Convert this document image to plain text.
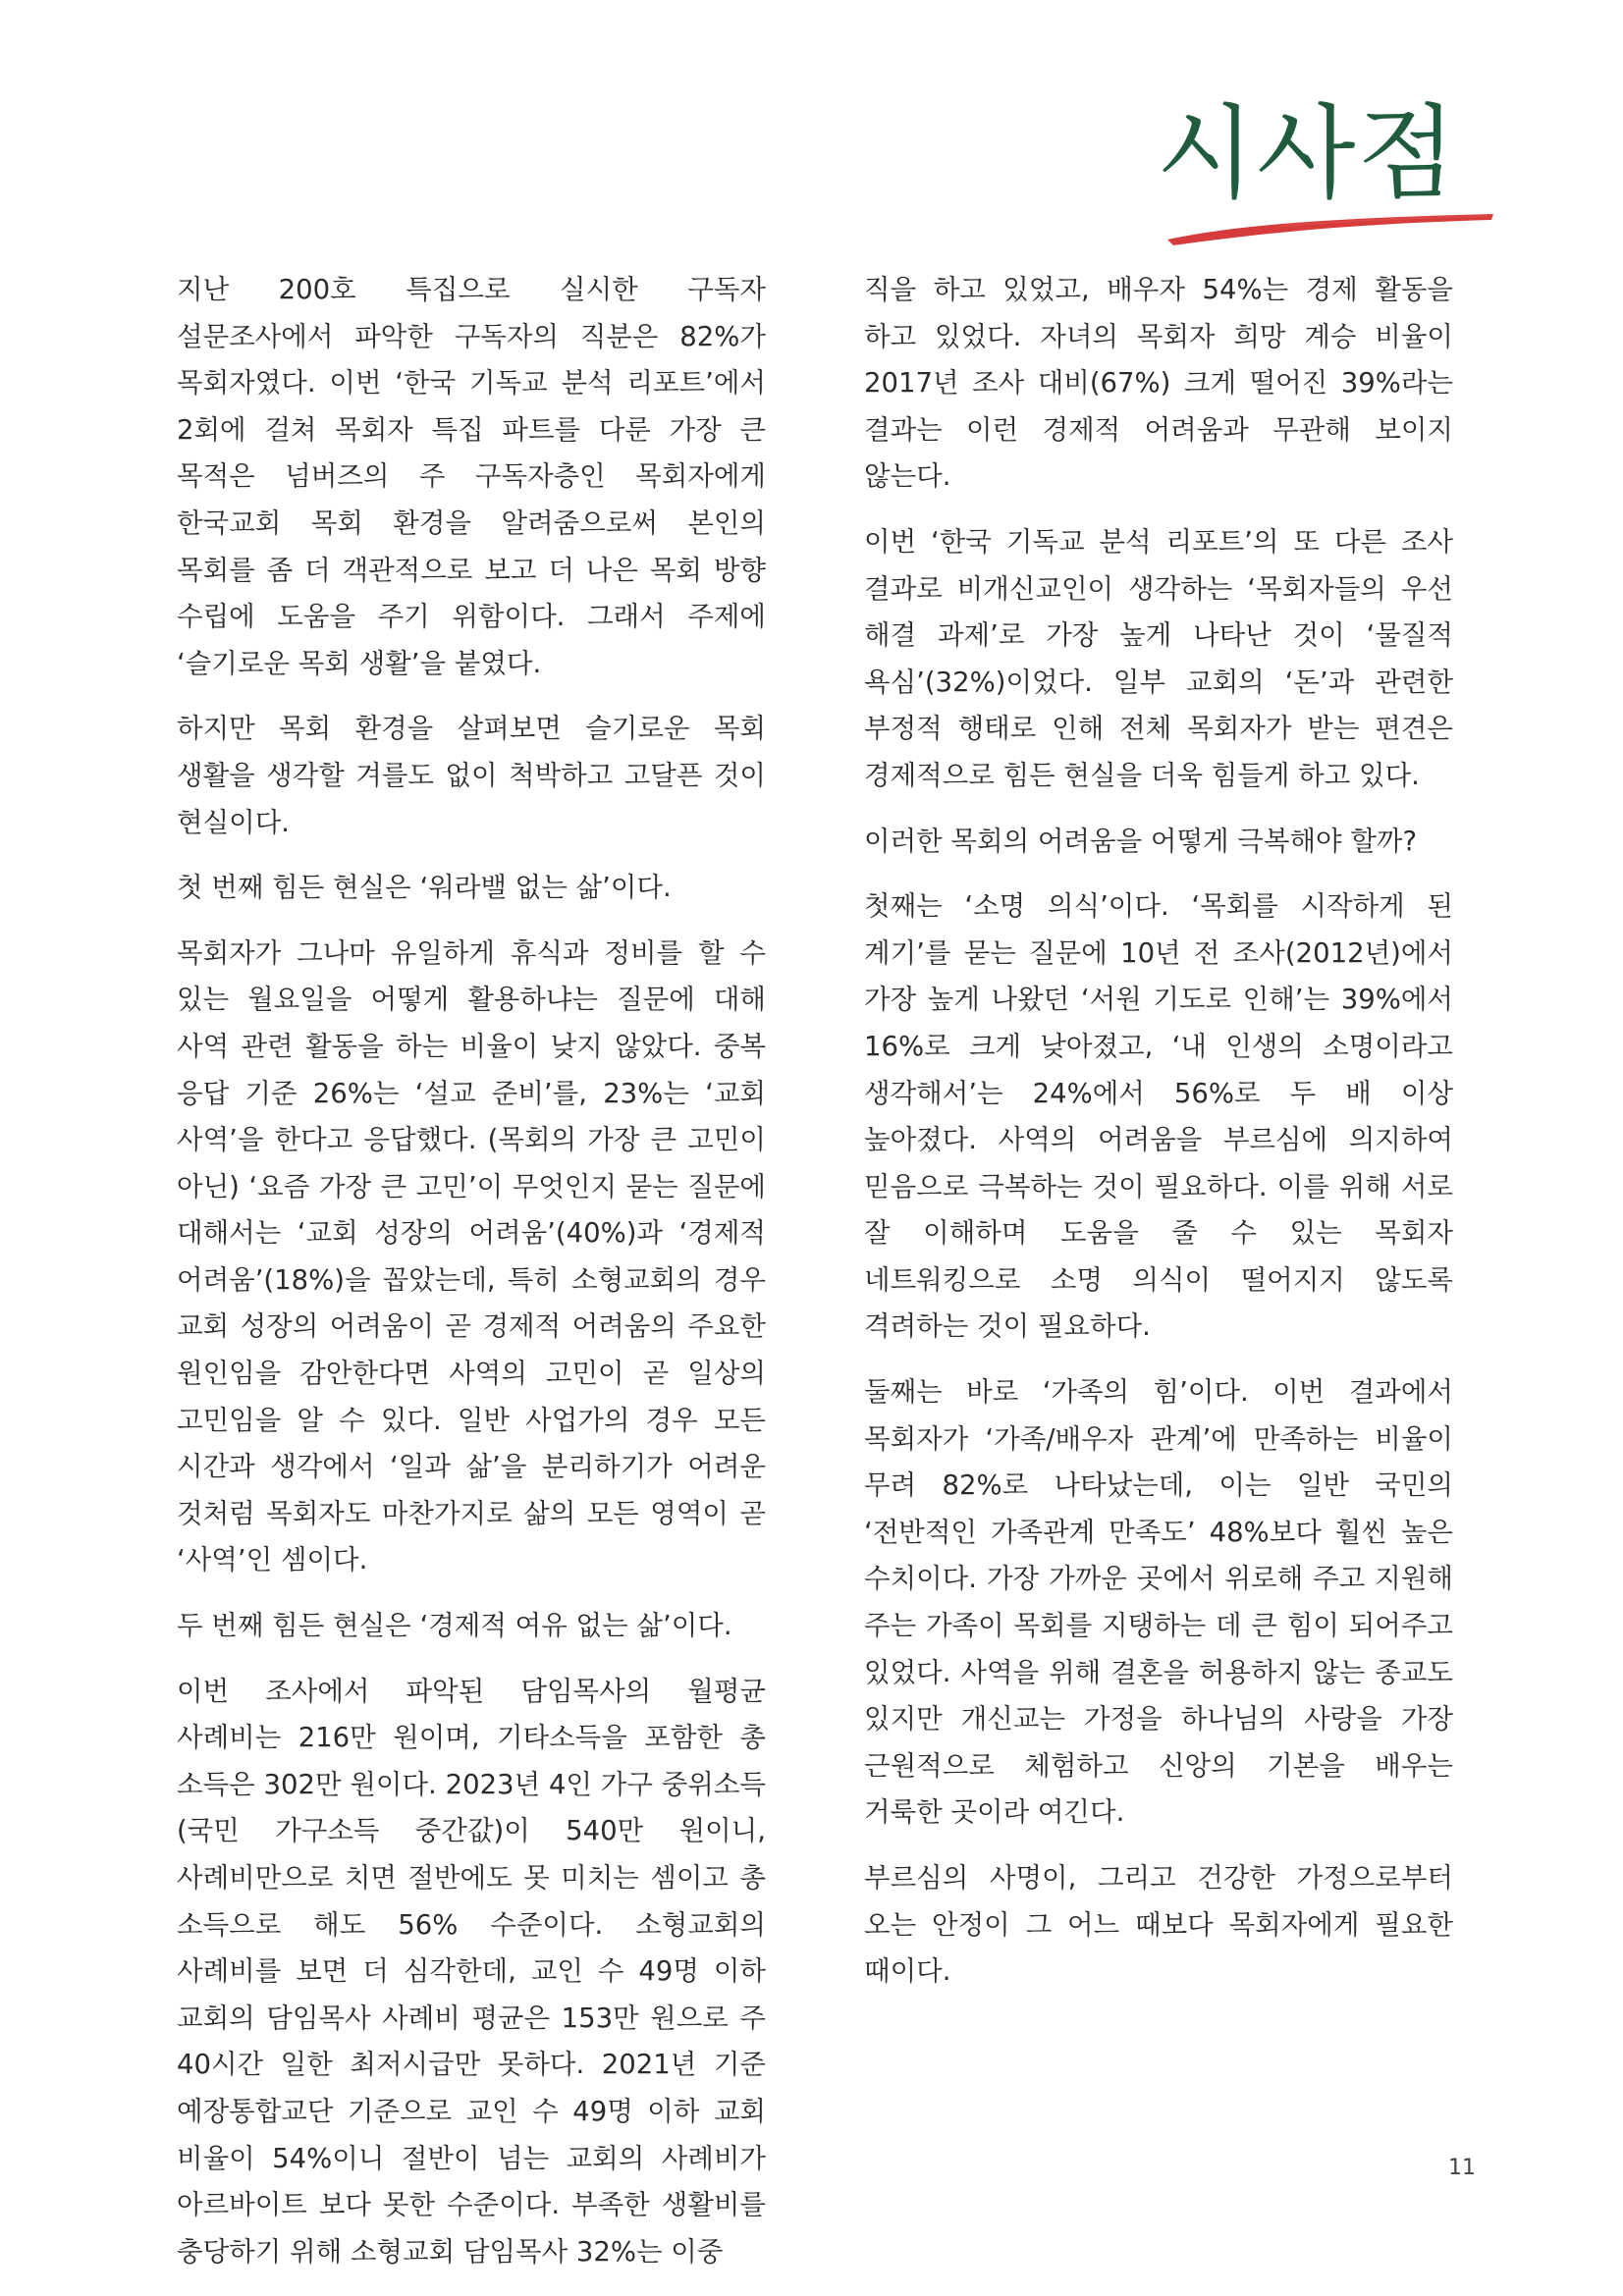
시사점

지난 200호 특집으로 실시한 구독자 설문조사에서 파악한 구독자의 직분은 82%가 목회자였다. 이번 ‘한국 기독교 분석 리포트’에서 2회에 걸쳐 목회자 특집 파트를 다룬 가장 큰 목적은 넘버즈의 주 구독자층인 목회자에게 한국교회 목회 환경을 알려줌으로써 본인의 목회를 좀 더 객관적으로 보고 더 나은 목회 방향 수립에 도움을 주기 위함이다. 그래서 주제에 ‘슬기로운 목회 생활’을 붙였다.

하지만 목회 환경을 살펴보면 슬기로운 목회 생활을 생각할 겨를도 없이 척박하고 고달픈 것이 현실이다.

첫 번째 힘든 현실은 ‘워라밸 없는 삶’이다.

목회자가 그나마 유일하게 휴식과 정비를 할 수 있는 월요일을 어떻게 활용하냐는 질문에 대해 사역 관련 활동을 하는 비율이 낮지 않았다. 중복 응답 기준 26%는 ‘설교 준비’를, 23%는 ‘교회 사역’을 한다고 응답했다. (목회의 가장 큰 고민이 아닌) ‘요즘 가장 큰 고민’이 무엇인지 묻는 질문에 대해서는 ‘교회 성장의 어려움’(40%)과 ‘경제적 어려움’(18%)을 꼽았는데, 특히 소형교회의 경우 교회 성장의 어려움이 곧 경제적 어려움의 주요한 원인임을 감안한다면 사역의 고민이 곧 일상의 고민임을 알 수 있다. 일반 사업가의 경우 모든 시간과 생각에서 ‘일과 삶’을 분리하기가 어려운 것처럼 목회자도 마찬가지로 삶의 모든 영역이 곧 ‘사역’인 셈이다.

두 번째 힘든 현실은 ‘경제적 여유 없는 삶’이다.

이번 조사에서 파악된 담임목사의 월평균 사례비는 216만 원이며, 기타소득을 포함한 총 소득은 302만 원이다. 2023년 4인 가구 중위소득(국민 가구소득 중간값)이 540만 원이니, 사례비만으로 치면 절반에도 못 미치는 셈이고 총 소득으로 해도 56% 수준이다. 소형교회의 사례비를 보면 더 심각한데, 교인 수 49명 이하 교회의 담임목사 사례비 평균은 153만 원으로 주 40시간 일한 최저시급만 못하다. 2021년 기준 예장통합교단 기준으로 교인 수 49명 이하 교회 비율이 54%이니 절반이 넘는 교회의 사례비가 아르바이트 보다 못한 수준이다. 부족한 생활비를 충당하기 위해 소형교회 담임목사 32%는 이중

직을 하고 있었고, 배우자 54%는 경제 활동을 하고 있었다. 자녀의 목회자 희망 계승 비율이 2017년 조사 대비(67%) 크게 떨어진 39%라는 결과는 이런 경제적 어려움과 무관해 보이지 않는다.

이번 ‘한국 기독교 분석 리포트’의 또 다른 조사 결과로 비개신교인이 생각하는 ‘목회자들의 우선 해결 과제’로 가장 높게 나타난 것이 ‘물질적 욕심’(32%)이었다. 일부 교회의 ‘돈’과 관련한 부정적 행태로 인해 전체 목회자가 받는 편견은 경제적으로 힘든 현실을 더욱 힘들게 하고 있다.

이러한 목회의 어려움을 어떻게 극복해야 할까?

첫째는 ‘소명 의식’이다. ‘목회를 시작하게 된 계기’를 묻는 질문에 10년 전 조사(2012년)에서 가장 높게 나왔던 ‘서원 기도로 인해’는 39%에서 16%로 크게 낮아졌고, ‘내 인생의 소명이라고 생각해서’는 24%에서 56%로 두 배 이상 높아졌다. 사역의 어려움을 부르심에 의지하여 믿음으로 극복하는 것이 필요하다. 이를 위해 서로 잘 이해하며 도움을 줄 수 있는 목회자 네트워킹으로 소명 의식이 떨어지지 않도록 격려하는 것이 필요하다.

둘째는 바로 ‘가족의 힘’이다. 이번 결과에서 목회자가 ‘가족/배우자 관계’에 만족하는 비율이 무려 82%로 나타났는데, 이는 일반 국민의 ‘전반적인 가족관계 만족도’ 48%보다 훨씬 높은 수치이다. 가장 가까운 곳에서 위로해 주고 지원해 주는 가족이 목회를 지탱하는 데 큰 힘이 되어주고 있었다. 사역을 위해 결혼을 허용하지 않는 종교도 있지만 개신교는 가정을 하나님의 사랑을 가장 근원적으로 체험하고 신앙의 기본을 배우는 거룩한 곳이라 여긴다.

부르심의 사명이, 그리고 건강한 가정으로부터 오는 안정이 그 어느 때보다 목회자에게 필요한 때이다.

11
